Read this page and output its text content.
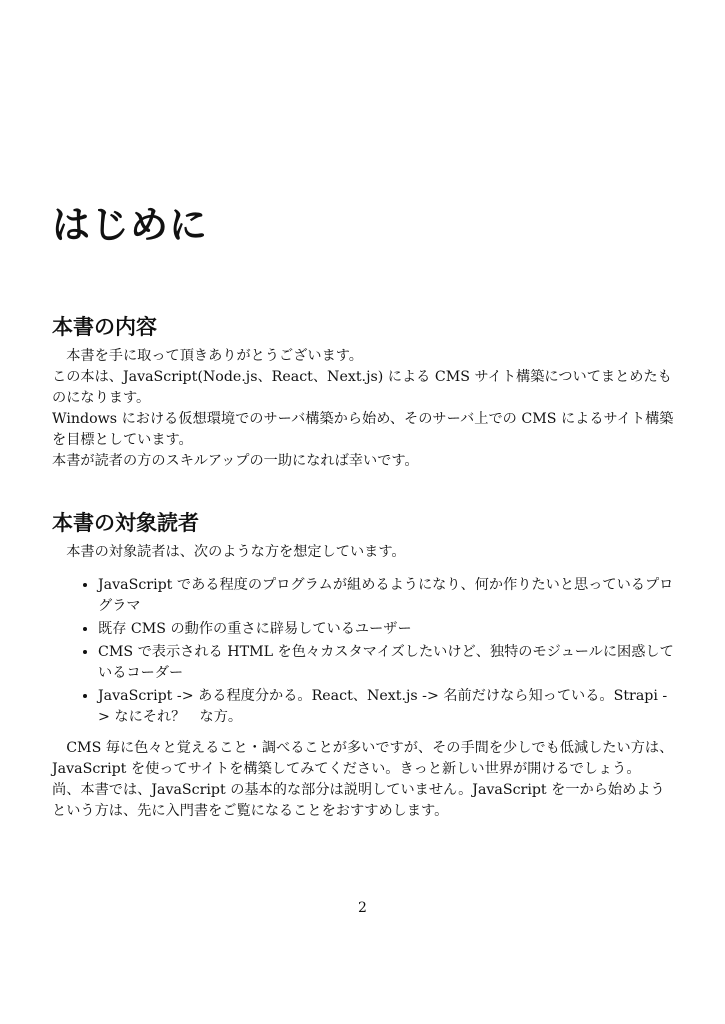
はじめに
本書の内容

本書を手に取って頂きありがとうございます。

この本は、JavaScript(Node.js、React、Next.js) による CMS サイト構築についてまとめたものになります。

Windows における仮想環境でのサーバ構築から始め、そのサーバ上での CMS によるサイト構築を目標としています。

本書が読者の方のスキルアップの一助になれば幸いです。

本書の対象読者

本書の対象読者は、次のような方を想定しています。

• JavaScript である程度のプログラムが組めるようになり、何か作りたいと思っているプログラマ
• 既存 CMS の動作の重さに辟易しているユーザー
• CMS で表示される HTML を色々カスタマイズしたいけど、独特のモジュールに困惑しているコーダー
• JavaScript -> ある程度分かる。React、Next.js -> 名前だけなら知っている。Strapi -> なにそれ？　な方。

CMS 毎に色々と覚えること・調べることが多いですが、その手間を少しでも低減したい方は、JavaScript を使ってサイトを構築してみてください。きっと新しい世界が開けるでしょう。

尚、本書では、JavaScript の基本的な部分は説明していません。JavaScript を一から始めようという方は、先に入門書をご覧になることをおすすめします。

2
